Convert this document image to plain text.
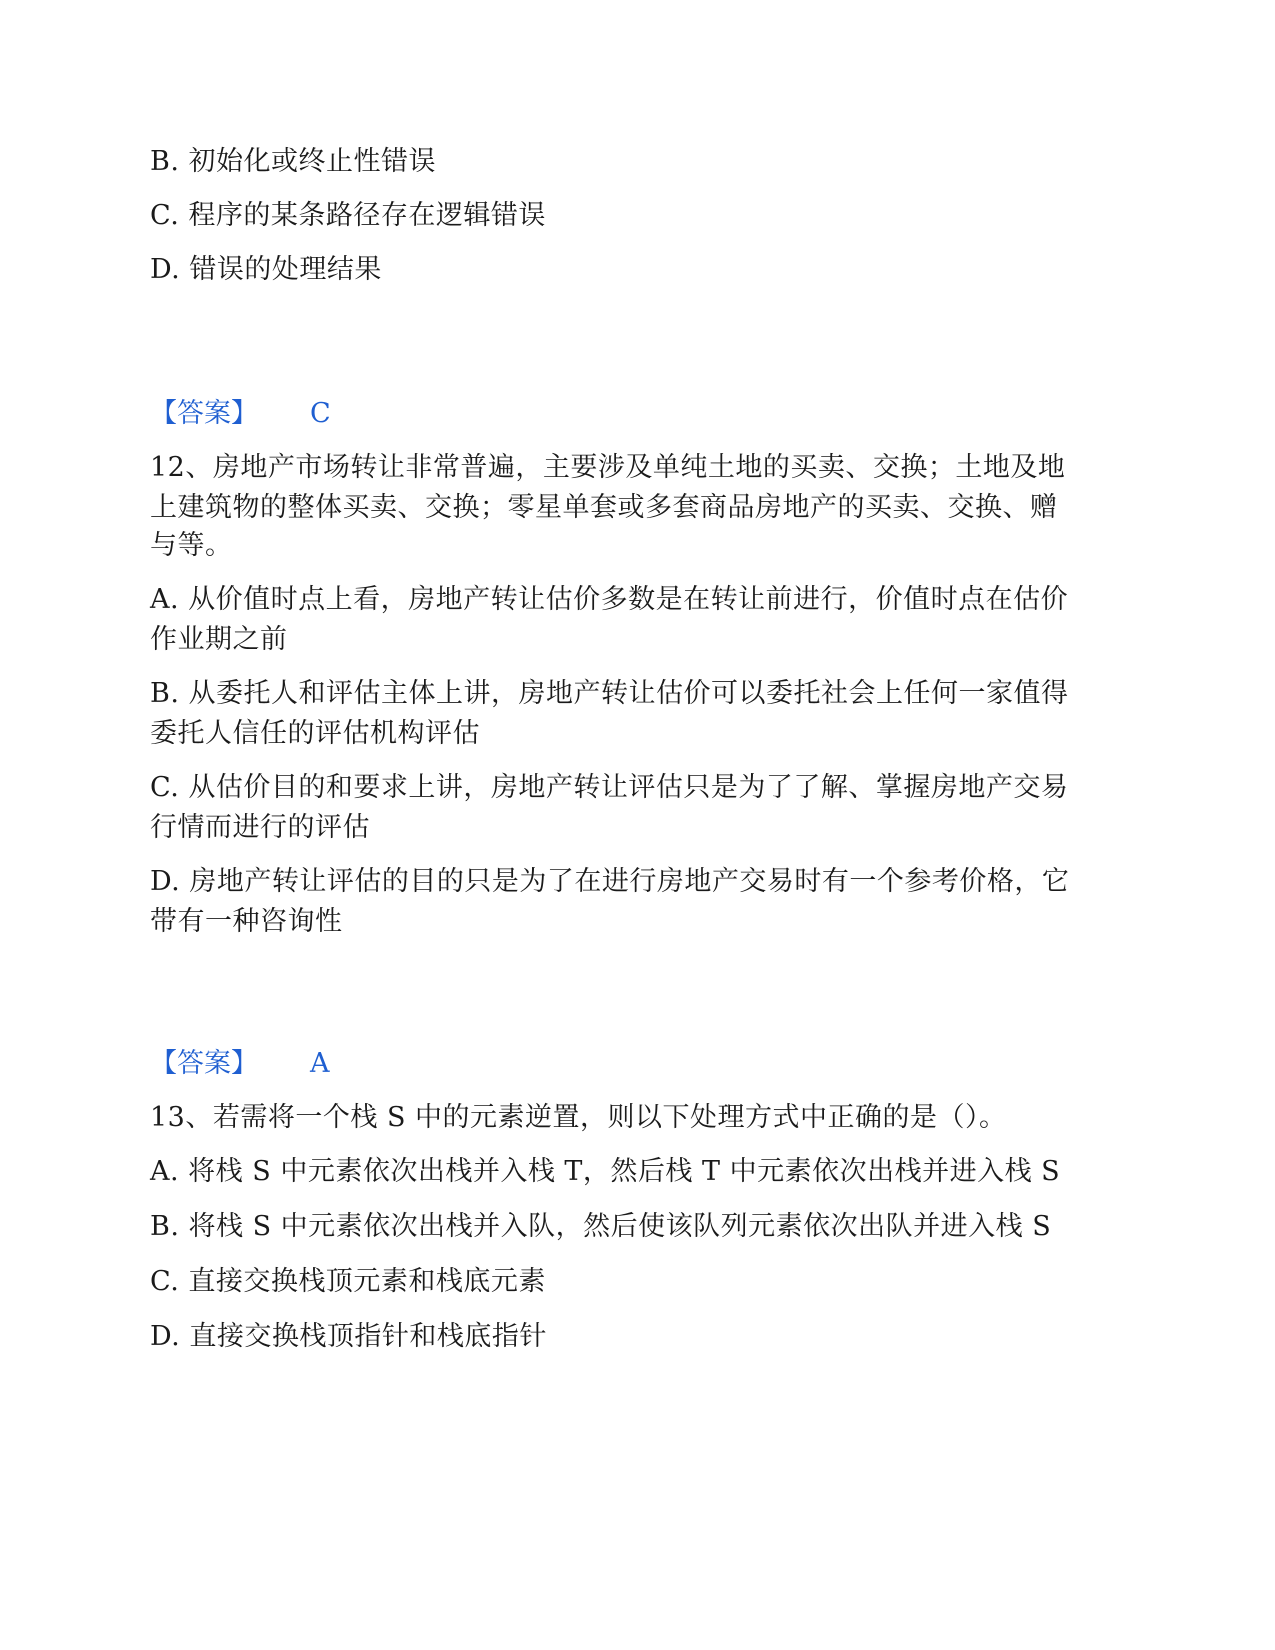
B. 初始化或终止性错误
C. 程序的某条路径存在逻辑错误
D. 错误的处理结果
【答案】 C
12、房地产市场转让非常普遍，主要涉及单纯土地的买卖、交换；土地及地
上建筑物的整体买卖、交换；零星单套或多套商品房地产的买卖、交换、赠
与等。
A. 从价值时点上看，房地产转让估价多数是在转让前进行，价值时点在估价
作业期之前
B. 从委托人和评估主体上讲，房地产转让估价可以委托社会上任何一家值得
委托人信任的评估机构评估
C. 从估价目的和要求上讲，房地产转让评估只是为了了解、掌握房地产交易
行情而进行的评估
D. 房地产转让评估的目的只是为了在进行房地产交易时有一个参考价格，它
带有一种咨询性
【答案】 A
13、若需将一个栈 S 中的元素逆置，则以下处理方式中正确的是（）。
A. 将栈 S 中元素依次出栈并入栈 T，然后栈 T 中元素依次出栈并进入栈 S
B. 将栈 S 中元素依次出栈并入队，然后使该队列元素依次出队并进入栈 S
C. 直接交换栈顶元素和栈底元素
D. 直接交换栈顶指针和栈底指针
